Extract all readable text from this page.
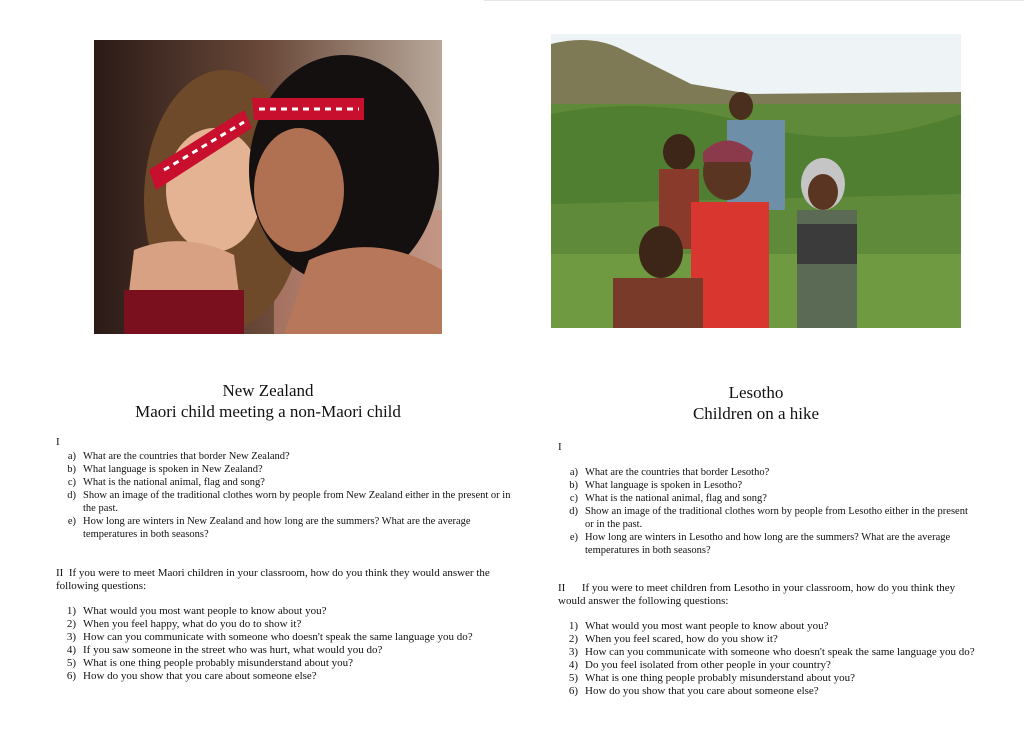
New Zealand
Maori child meeting a non-Maori child
I
a) What are the countries that border New Zealand?
b) What language is spoken in New Zealand?
c) What is the national animal, flag and song?
d) Show an image of the traditional clothes worn by people from New Zealand either in the present or in the past.
e) How long are winters in New Zealand and how long are the summers? What are the average temperatures in both seasons?
II If you were to meet Maori children in your classroom, how do you think they would answer the following questions:
1) What would you most want people to know about you?
2) When you feel happy, what do you do to show it?
3) How can you communicate with someone who doesn't speak the same language you do?
4) If you saw someone in the street who was hurt, what would you do?
5) What is one thing people probably misunderstand about you?
6) How do you show that you care about someone else?
Lesotho
Children on a hike
I
a) What are the countries that border Lesotho?
b) What language is spoken in Lesotho?
c) What is the national animal, flag and song?
d) Show an image of the traditional clothes worn by people from Lesotho either in the present or in the past.
e) How long are winters in Lesotho and how long are the summers? What are the average temperatures in both seasons?
II If you were to meet children from Lesotho in your classroom, how do you think they would answer the following questions:
1) What would you most want people to know about you?
2) When you feel scared, how do you show it?
3) How can you communicate with someone who doesn't speak the same language you do?
4) Do you feel isolated from other people in your country?
5) What is one thing people probably misunderstand about you?
6) How do you show that you care about someone else?
